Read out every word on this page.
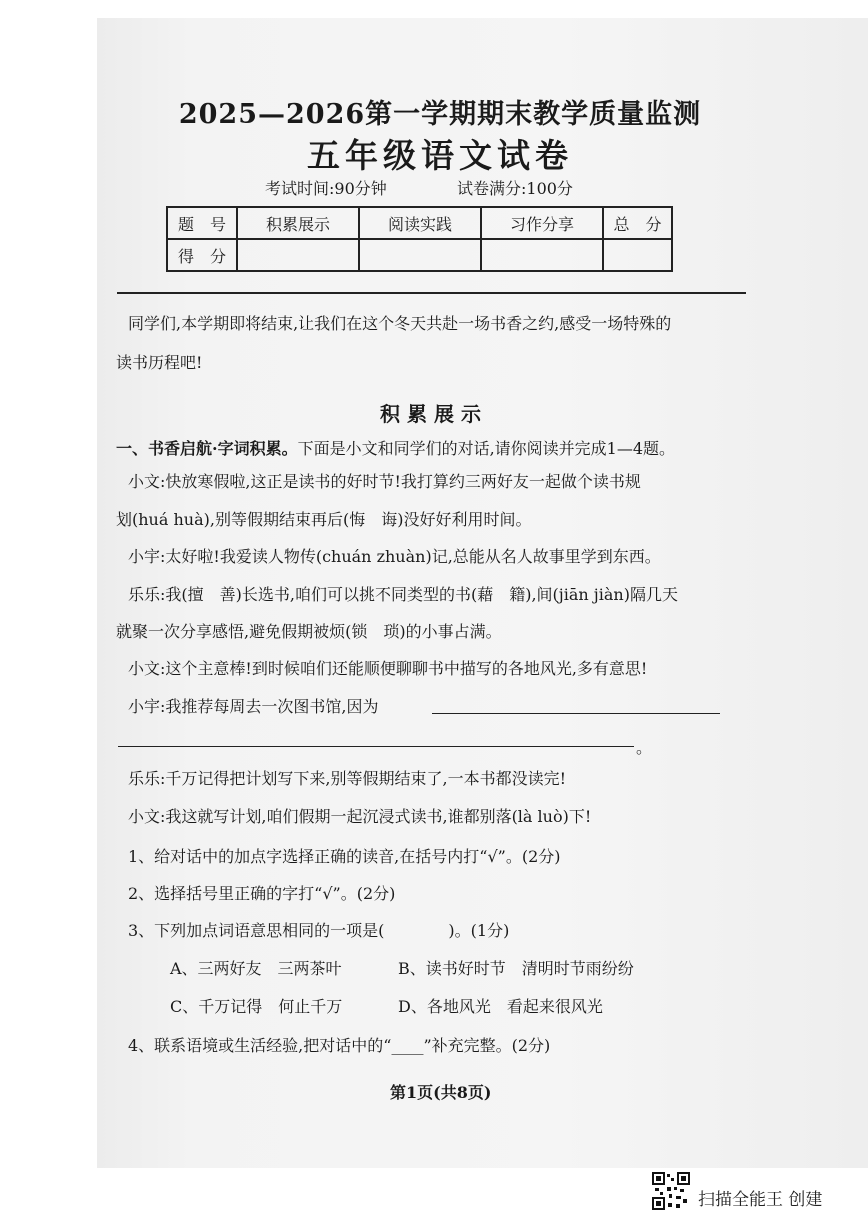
2025—2026第一学期期末教学质量监测
五年级语文试卷
考试时间:90分钟	试卷满分:100分
题　号	积累展示	阅读实践	习作分享	总　分
得　分				
同学们,本学期即将结束,让我们在这个冬天共赴一场书香之约,感受一场特殊的
读书历程吧!
积累展示
一、书香启航·字词积累。下面是小文和同学们的对话,请你阅读并完成1—4题。
小文:快放寒假啦,这正是读书的好时节!我打算约三两好友一起做个读书规
划(huá huà),别等假期结束再后(悔　诲)没好好利用时间。
小宇:太好啦!我爱读人物传(chuán zhuàn)记,总能从名人故事里学到东西。
乐乐:我(擅　善)长选书,咱们可以挑不同类型的书(藉　籍),间(jiān jiàn)隔几天
就聚一次分享感悟,避免假期被烦(锁　琐)的小事占满。
小文:这个主意棒!到时候咱们还能顺便聊聊书中描写的各地风光,多有意思!
小宇:我推荐每周去一次图书馆,因为
。
乐乐:千万记得把计划写下来,别等假期结束了,一本书都没读完!
小文:我这就写计划,咱们假期一起沉浸式读书,谁都别落(là luò)下!
1、给对话中的加点字选择正确的读音,在括号内打“√”。(2分)
2、选择括号里正确的字打“√”。(2分)
3、下列加点词语意思相同的一项是(　　　　)。(1分)
A、三两好友　三两茶叶	B、读书好时节　清明时节雨纷纷
C、千万记得　何止千万	D、各地风光　看起来很风光
4、联系语境或生活经验,把对话中的“____”补充完整。(2分)
第1页(共8页)
扫描全能王 创建
